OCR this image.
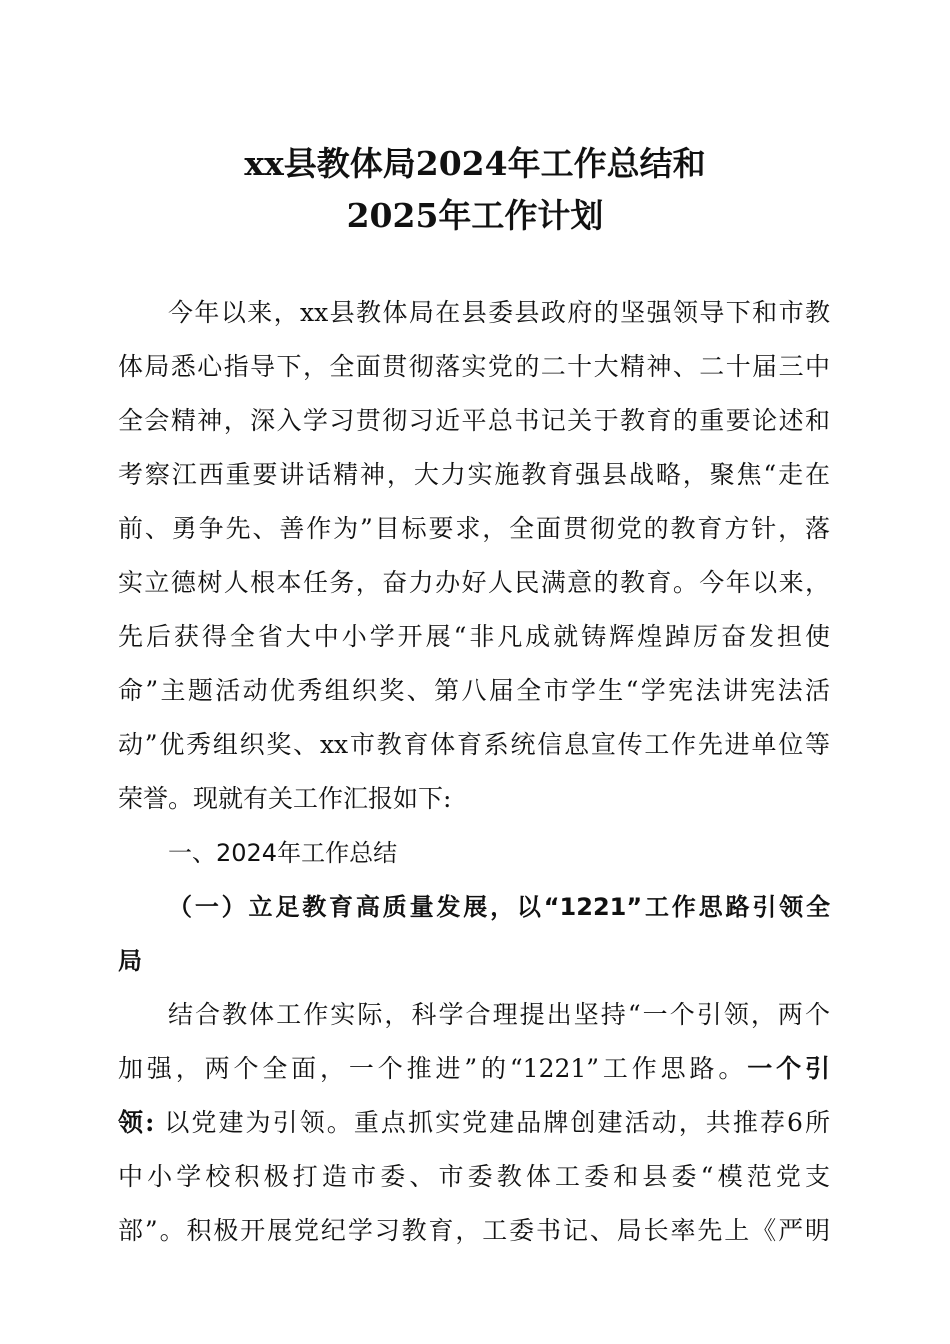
xx县教体局2024年工作总结和
2025年工作计划
今年以来，xx县教体局在县委县政府的坚强领导下和市教
体局悉心指导下，全面贯彻落实党的二十大精神、二十届三中
全会精神，深入学习贯彻习近平总书记关于教育的重要论述和
考察江西重要讲话精神，大力实施教育强县战略，聚焦“走在
前、勇争先、善作为”目标要求，全面贯彻党的教育方针，落
实立德树人根本任务，奋力办好人民满意的教育。今年以来，
先后获得全省大中小学开展“非凡成就铸辉煌踔厉奋发担使
命”主题活动优秀组织奖、第八届全市学生“学宪法讲宪法活
动”优秀组织奖、xx市教育体育系统信息宣传工作先进单位等
荣誉。现就有关工作汇报如下:
一、2024年工作总结
（一）立足教育高质量发展，以“1221”工作思路引领全
局
结合教体工作实际，科学合理提出坚持“一个引领，两个
加强，两个全面，一个推进”的“1221”工作思路。一个引
领: 以党建为引领。重点抓实党建品牌创建活动，共推荐6所
中小学校积极打造市委、市委教体工委和县委“模范党支
部”。积极开展党纪学习教育，工委书记、局长率先上《严明
